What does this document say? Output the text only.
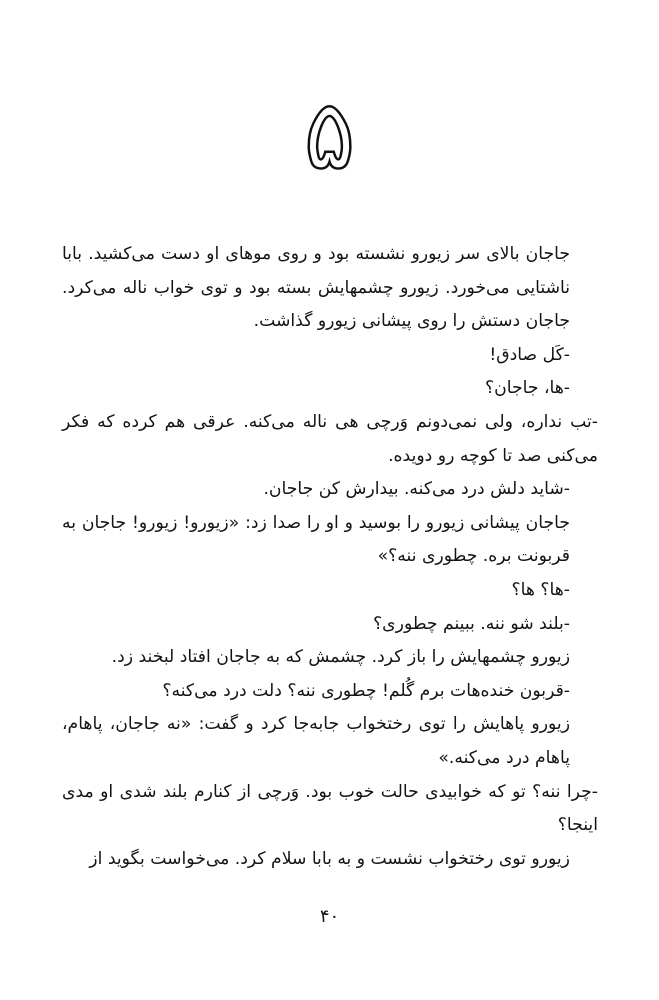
۵

جاجان بالای سر زیورو نشسته بود و روی موهای او دست می‌کشید. بابا ناشتایی می‌خورد. زیورو چشمهایش بسته بود و توی خواب ناله می‌کرد. جاجان دستش را روی پیشانی زیورو گذاشت.

-کَل صادق!

-ها، جاجان؟

-تب نداره، ولی نمی‌دونم وَرچی هی ناله می‌کنه. عرقی هم کرده که فکر می‌کنی صد تا کوچه رو دویده.

-شاید دلش درد می‌کنه. بیدارش کن جاجان.

جاجان پیشانی زیورو را بوسید و او را صدا زد: «زیورو! زیورو! جاجان به قربونت بره. چطوری ننه؟»

-ها؟ ها؟

-بلند شو ننه. ببینم چطوری؟

زیورو چشمهایش را باز کرد. چشمش که به جاجان افتاد لبخند زد.

-قربون خنده‌هات برم گُلم! چطوری ننه؟ دلت درد می‌کنه؟

زیورو پاهایش را توی رختخواب جابه‌جا کرد و گفت: «نه جاجان، پاهام، پاهام درد می‌کنه.»

-چرا ننه؟ تو که خوابیدی حالت خوب بود. وَرچی از کنارم بلند شدی او مدی اینجا؟

زیورو توی رختخواب نشست و به بابا سلام کرد. می‌خواست بگوید از

۴۰
